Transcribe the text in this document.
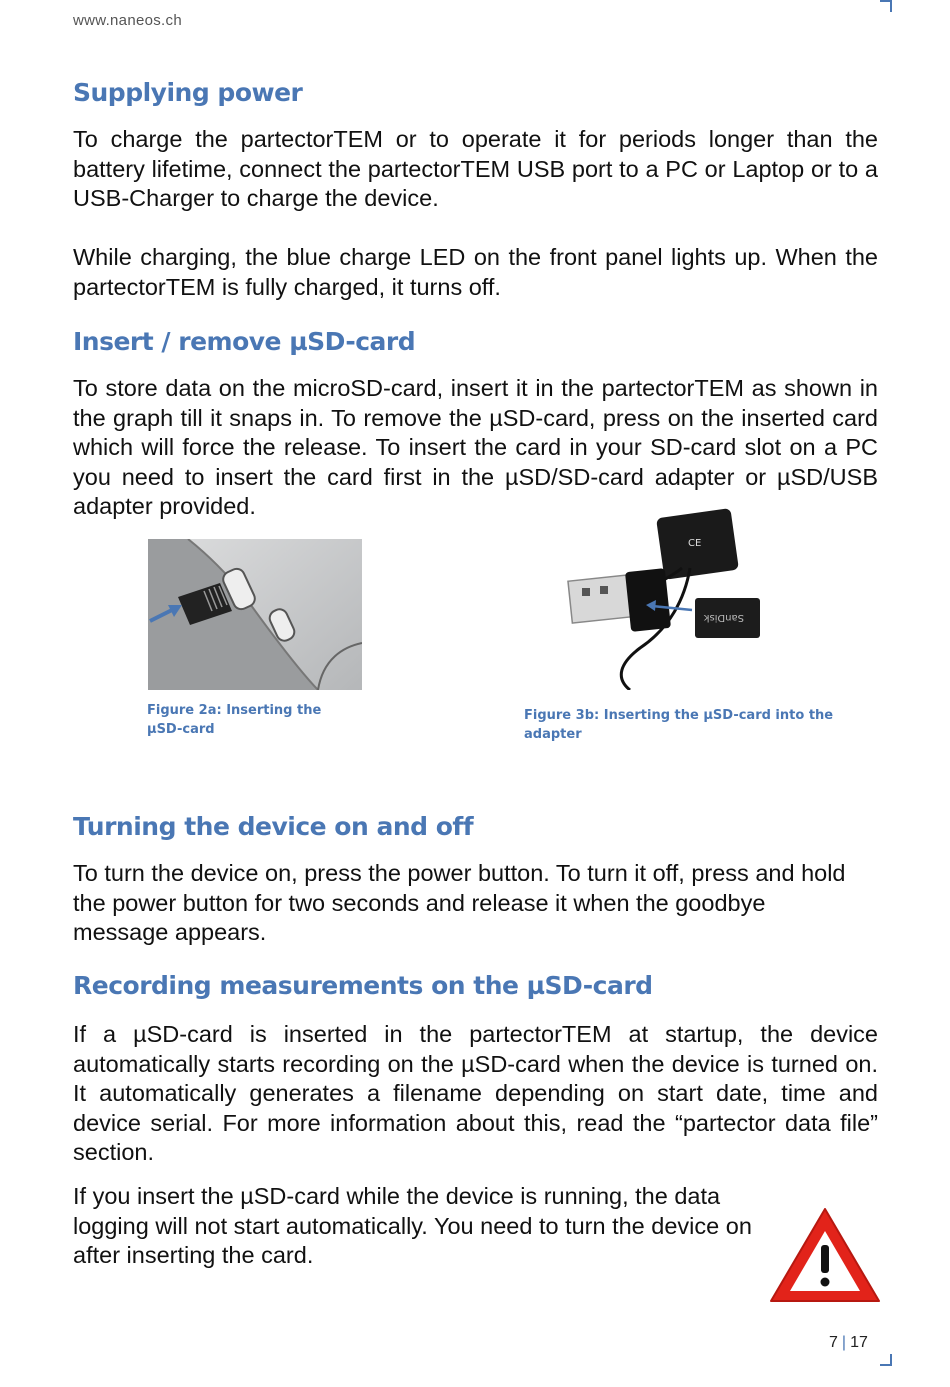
www.naneos.ch
Supplying power

To charge the partectorTEM or to operate it for periods longer than the battery lifetime, connect the partectorTEM USB port to a PC or Laptop or to a USB-Charger to charge the device.

While charging, the blue charge LED on the front panel lights up. When the partectorTEM is fully charged, it turns off.

Insert / remove µSD-card

To store data on the microSD-card, insert it in the partectorTEM as shown in the graph till it snaps in. To remove the µSD-card, press on the inserted card which will force the release. To insert the card in your SD-card slot on a PC you need to insert the card first in the µSD/SD-card adapter or µSD/USB adapter provided.

Figure 2a: Inserting the µSD-card
CE
SanDisk
Figure 3b: Inserting the µSD-card into the adapter
Turning the device on and off

To turn the device on, press the power button. To turn it off, press and hold the power button for two seconds and release it when the goodbye message appears.

Recording measurements on the µSD-card

If a µSD-card is inserted in the partectorTEM at startup, the device automatically starts recording on the µSD-card when the device is turned on. It automatically generates a filename depending on start date, time and device serial. For more information about this, read the “partector data file” section.

If you insert the µSD-card while the device is running, the data logging will not start automatically. You need to turn the device on after inserting the card.

7 | 17
